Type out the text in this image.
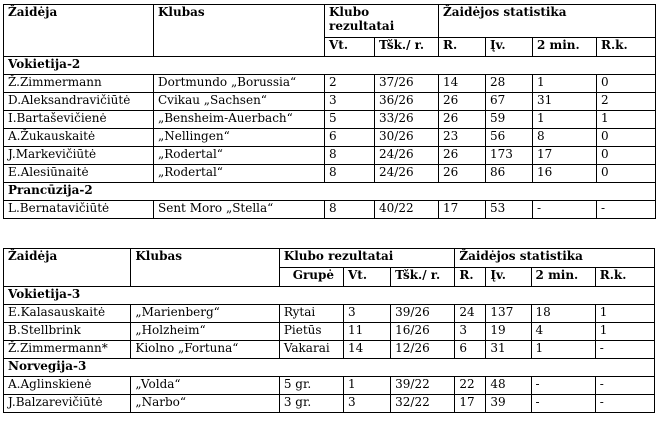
Žaidėja	Klubas	Klubo rezultatai		Žaidėjos statistika			
		Vt.	Tšk./ r.	R.	Įv.	2 min.	R.k.
Vokietija-2							
Ž.Zimmermann	Dortmundo „Borussia“	2	37/26	14	28	1	0
D.Aleksandravičiūtė	Cvikau „Sachsen“	3	36/26	26	67	31	2
I.Bartaševičienė	„Bensheim-Auerbach“	5	33/26	26	59	1	1
A.Žukauskaitė	„Nellingen“	6	30/26	23	56	8	0
J.Markevičiūtė	„Rodertal“	8	24/26	26	173	17	0
E.Alesiūnaitė	„Rodertal“	8	24/26	26	86	16	0
Prancūzija-2							
L.Bernatavičiūtė	Sent Moro „Stella“	8	40/22	17	53	-	-
Žaidėja	Klubas	Klubo rezultatai			Žaidėjos statistika			
		Grupė	Vt.	Tšk./ r.	R.	Įv.	2 min.	R.k.
Vokietija-3								
E.Kalasauskaitė	„Marienberg“	Rytai	3	39/26	24	137	18	1
B.Stellbrink	„Holzheim“	Pietūs	11	16/26	3	19	4	1
Ž.Zimmermann*	Kiolno „Fortuna“	Vakarai	14	12/26	6	31	1	-
Norvegija-3								
A.Aglinskienė	„Volda“	5 gr.	1	39/22	22	48	-	-
J.Balzarevičiūtė	„Narbo“	3 gr.	3	32/22	17	39	-	-
